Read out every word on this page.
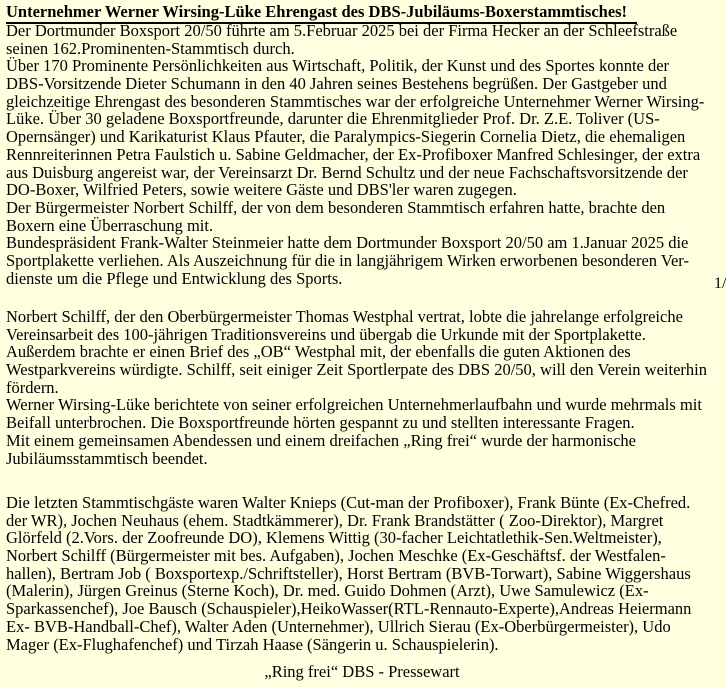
Unternehmer Werner Wirsing-Lüke Ehrengast des DBS-Jubiläums-Boxerstammtisches!
Der Dortmunder Boxsport 20/50 führte am 5.Februar 2025 bei der Firma Hecker an der Schleefstraße
seinen 162.Prominenten-Stammtisch durch.
Über 170 Prominente Persönlichkeiten aus Wirtschaft, Politik, der Kunst und des Sportes konnte der
DBS-Vorsitzende Dieter Schumann in den 40 Jahren seines Bestehens begrüßen. Der Gastgeber und
gleichzeitige Ehrengast des besonderen Stammtisches war der erfolgreiche Unternehmer Werner Wirsing-
Lüke. Über 30 geladene Boxsportfreunde, darunter die Ehrenmitglieder Prof. Dr. Z.E. Toliver (US-
Opernsänger) und Karikaturist Klaus Pfauter, die Paralympics-Siegerin Cornelia Dietz, die ehemaligen
Rennreiterinnen Petra Faulstich u. Sabine Geldmacher, der Ex-Profiboxer Manfred Schlesinger, der extra
aus Duisburg angereist war, der Vereinsarzt Dr. Bernd Schultz und der neue Fachschaftsvorsitzende der
DO-Boxer, Wilfried Peters, sowie weitere Gäste und DBS'ler waren zugegen.
Der Bürgermeister Norbert Schilff, der von dem besonderen Stammtisch erfahren hatte, brachte den
Boxern eine Überraschung mit.
Bundespräsident Frank-Walter Steinmeier hatte dem Dortmunder Boxsport 20/50 am 1.Januar 2025 die
Sportplakette verliehen. Als Auszeichnung für die in langjährigem Wirken erworbenen besonderen Ver-
dienste um die Pflege und Entwicklung des Sports.	1/
Norbert Schilff, der den Oberbürgermeister Thomas Westphal vertrat, lobte die jahrelange erfolgreiche
Vereinsarbeit des 100-jährigen Traditionsvereins und übergab die Urkunde mit der Sportplakette.
Außerdem brachte er einen Brief des „OB“ Westphal mit, der ebenfalls die guten Aktionen des
Westparkvereins würdigte. Schilff, seit einiger Zeit Sportlerpate des DBS 20/50, will den Verein weiterhin
fördern.
Werner Wirsing-Lüke berichtete von seiner erfolgreichen Unternehmerlaufbahn und wurde mehrmals mit
Beifall unterbrochen. Die Boxsportfreunde hörten gespannt zu und stellten interessante Fragen.
Mit einem gemeinsamen Abendessen und einem dreifachen „Ring frei“ wurde der harmonische
Jubiläumsstammtisch beendet.
Die letzten Stammtischgäste waren Walter Knieps (Cut-man der Profiboxer), Frank Bünte (Ex-Chefred.
der WR), Jochen Neuhaus (ehem. Stadtkämmerer), Dr. Frank Brandstätter ( Zoo-Direktor), Margret
Glörfeld (2.Vors. der Zoofreunde DO), Klemens Wittig (30-facher Leichtatlethik-Sen.Weltmeister),
Norbert Schilff (Bürgermeister mit bes. Aufgaben), Jochen Meschke (Ex-Geschäftsf. der Westfalen-
hallen), Bertram Job ( Boxsportexp./Schriftsteller), Horst Bertram (BVB-Torwart), Sabine Wiggershaus
(Malerin), Jürgen Greinus (Sterne Koch), Dr. med. Guido Dohmen (Arzt), Uwe Samulewicz (Ex-
Sparkassenchef), Joe Bausch (Schauspieler),HeikoWasser(RTL-Rennauto-Experte),Andreas Heiermann
Ex- BVB-Handball-Chef), Walter Aden (Unternehmer), Ullrich Sierau (Ex-Oberbürgermeister), Udo
Mager (Ex-Flughafenchef) und Tirzah Haase (Sängerin u. Schauspielerin).
„Ring frei“ DBS - Pressewart
